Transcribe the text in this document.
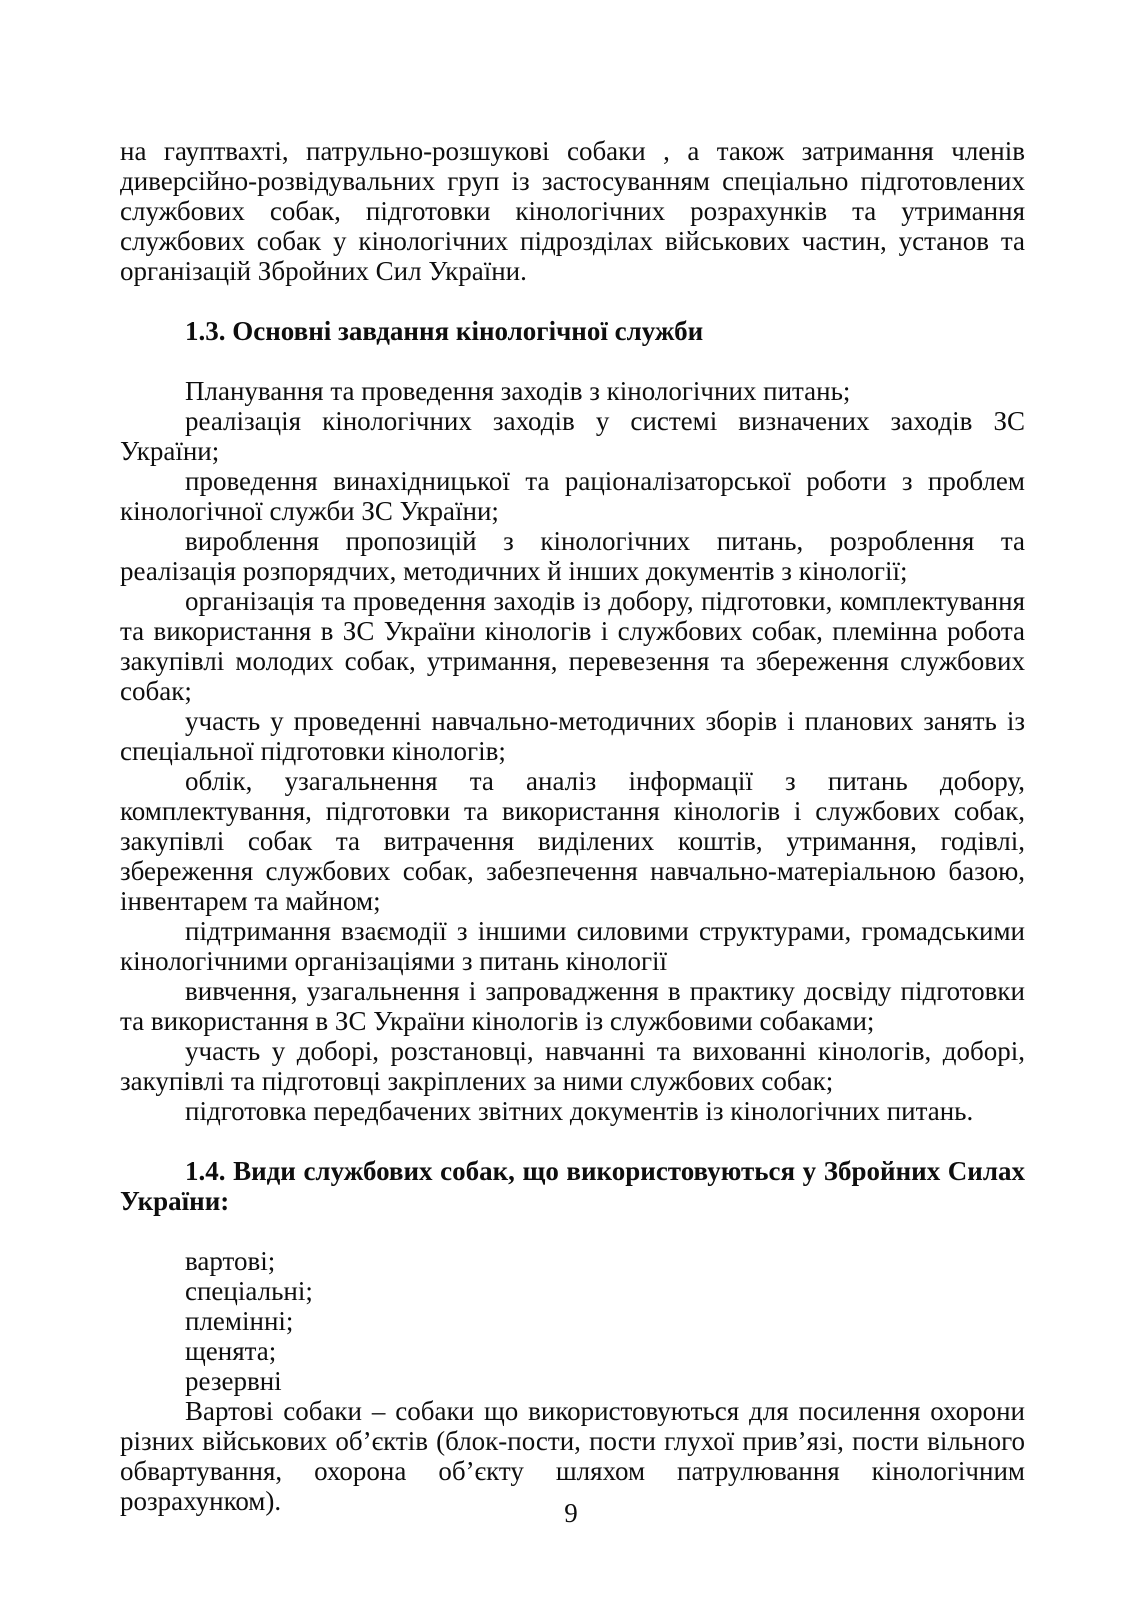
на гауптвахті, патрульно-розшукові собаки , а також затримання членів диверсійно-розвідувальних груп із застосуванням спеціально підготовлених службових собак, підготовки кінологічних розрахунків та утримання службових собак у кінологічних підрозділах військових частин, установ та організацій Збройних Сил України.

1.3. Основні завдання кінологічної служби

Планування та проведення заходів з кінологічних питань;

реалізація кінологічних заходів у системі визначених заходів ЗС України;

проведення винахідницької та раціоналізаторської роботи з проблем кінологічної служби ЗС України;

вироблення пропозицій з кінологічних питань, розроблення та реалізація розпорядчих, методичних й інших документів з кінології;

організація та проведення заходів із добору, підготовки, комплектування та використання в ЗС України кінологів і службових собак, племінна робота закупівлі молодих собак, утримання, перевезення та збереження службових собак;

участь у проведенні навчально-методичних зборів і планових занять із спеціальної підготовки кінологів;

облік, узагальнення та аналіз інформації з питань добору, комплектування, підготовки та використання кінологів і службових собак, закупівлі собак та витрачення виділених коштів, утримання, годівлі, збереження службових собак, забезпечення навчально-матеріальною базою, інвентарем та майном;

підтримання взаємодії з іншими силовими структурами, громадськими кінологічними організаціями з питань кінології

вивчення, узагальнення і запровадження в практику досвіду підготовки та використання в ЗС України кінологів із службовими собаками;

участь у доборі, розстановці, навчанні та вихованні кінологів, доборі, закупівлі та підготовці закріплених за ними службових собак;

підготовка передбачених звітних документів із кінологічних питань.

1.4. Види службових собак, що використовуються у Збройних Силах України:

вартові;

спеціальні;

племінні;

щенята;

резервні

Вартові собаки – собаки що використовуються для посилення охорони різних військових об’єктів (блок-пости, пости глухої прив’язі, пости вільного обвартування, охорона об’єкту шляхом патрулювання кінологічним розрахунком).	9
